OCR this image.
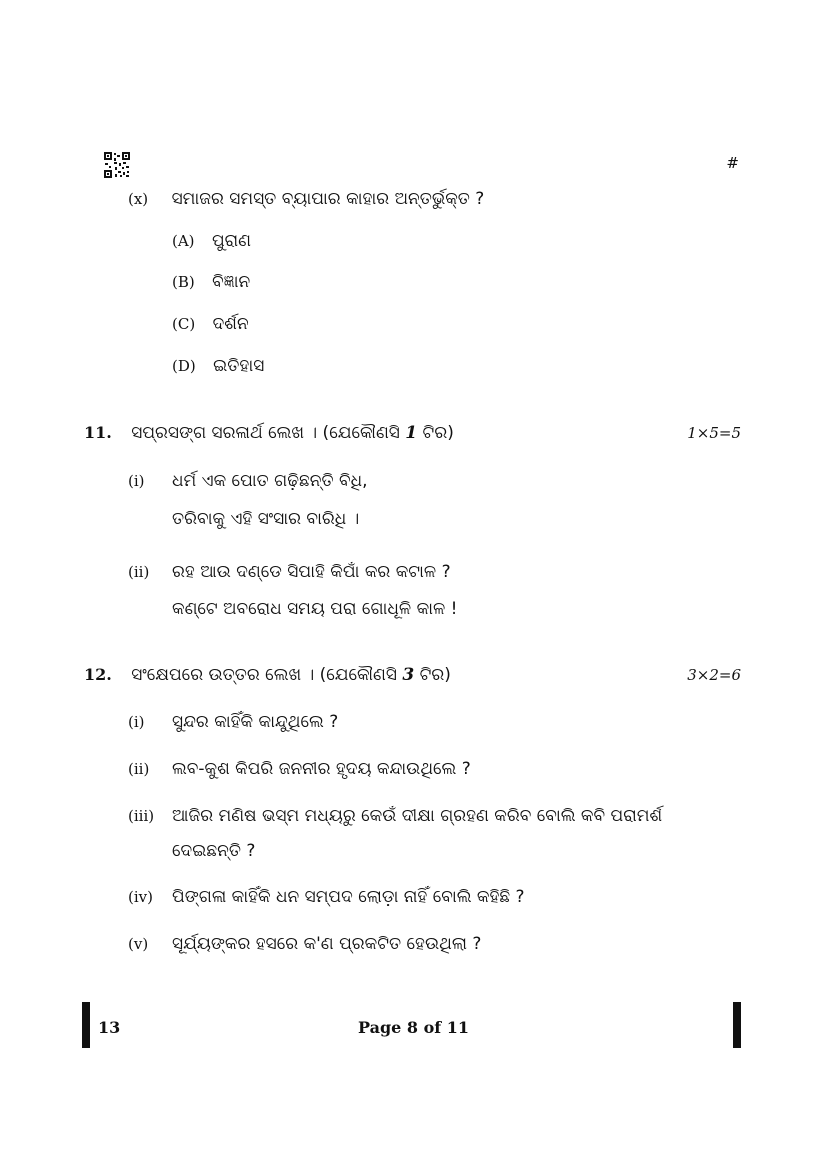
#
(x) ସମାଜର ସମସ୍ତ ବ୍ୟାପାର କାହାର ଅନ୍ତର୍ଭୁକ୍ତ ?
(A) ପୁରାଣ
(B) ବିଜ୍ଞାନ
(C) ଦର୍ଶନ
(D) ଇତିହାସ
11. ସପ୍ରସଙ୍ଗ ସରଳାର୍ଥ ଲେଖ । (ଯେକୌଣସି 1 ଟିର)	1×5=5
(i) ଧର୍ମ ଏକ ପୋତ ଗଢ଼ିଛନ୍ତି ବିଧି,
ତରିବାକୁ ଏହି ସଂସାର ବାରିଧି ।
(ii) ରହ ଆଉ ଦଣ୍ଡେ ସିପାହି କିପାଁ କର କଟାଳ ?
କଣ୍ଟେ ଅବରୋଧ ସମୟ ପରା ଗୋଧୂଳି କାଳ !
12. ସଂକ୍ଷେପରେ ଉତ୍ତର ଲେଖ । (ଯେକୌଣସି 3 ଟିର)	3×2=6
(i) ସୁନ୍ଦର କାହିଁକି କାନ୍ଦୁଥିଲେ ?
(ii) ଲବ-କୁଶ କିପରି ଜନନୀର ହୃଦୟ କନ୍ଦାଉଥିଲେ ?
(iii) ଆଜିର ମଣିଷ ଭସ୍ମ ମଧ୍ୟରୁ କେଉଁ ଦୀକ୍ଷା ଗ୍ରହଣ କରିବ ବୋଲି କବି ପରାମର୍ଶ
ଦେଇଛନ୍ତି ?
(iv) ପିଙ୍ଗଳା କାହିଁକି ଧନ ସମ୍ପଦ ଲୋଡ଼ା ନାହିଁ ବୋଲି କହିଛି ?
(v) ସୂର୍ଯ୍ୟଙ୍କର ହସରେ କ'ଣ ପ୍ରକଟିତ ହେଉଥିଲା ?
13	Page 8 of 11
